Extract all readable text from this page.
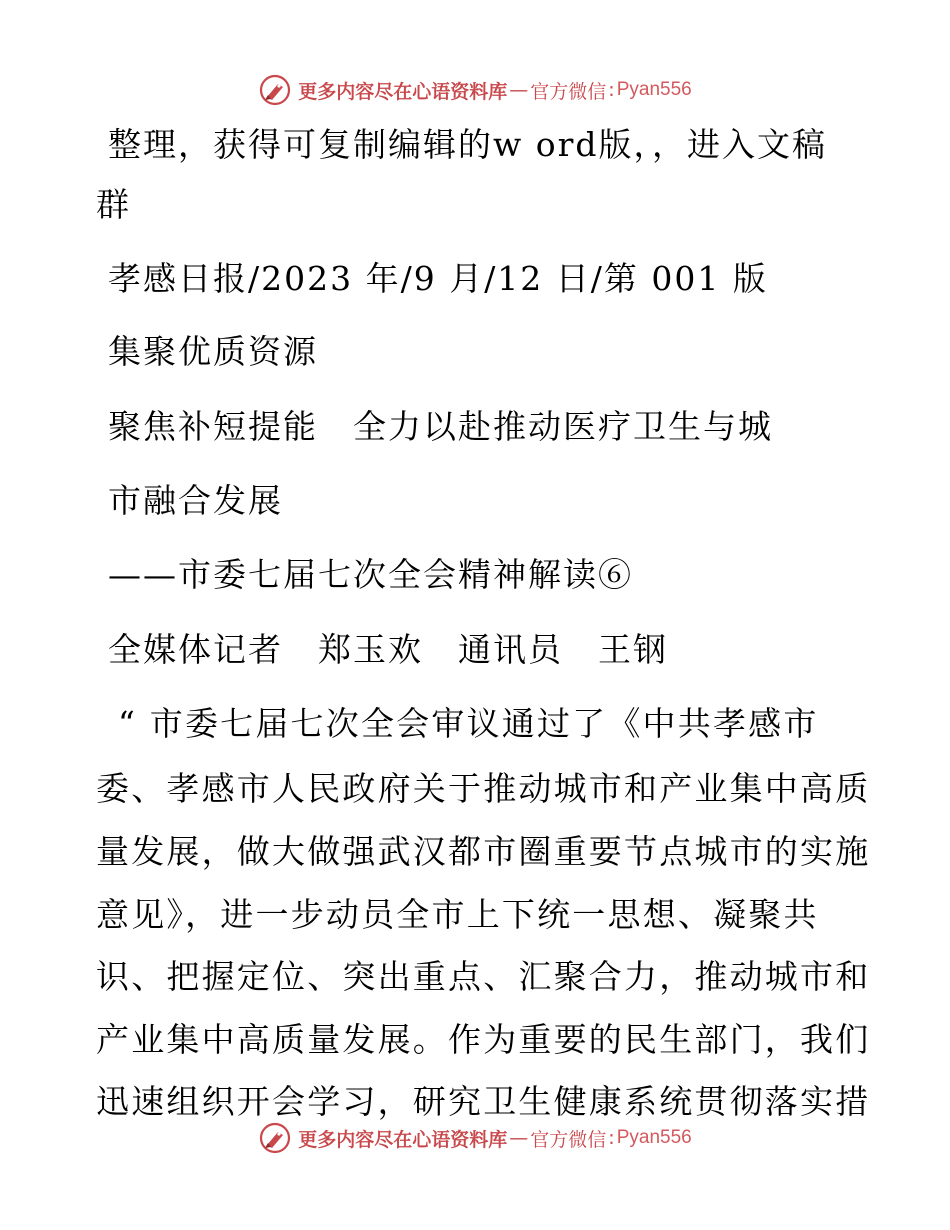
更多内容尽在心语资料库 — 官方微信 : Pyan556
整理，获得可复制编辑的w ord版，，进入文稿
群
孝感日报/2023 年/9 月/12 日/第 001 版
集聚优质资源
聚焦补短提能　全力以赴推动医疗卫生与城
市融合发展
——市委七届七次全会精神解读⑥
全媒体记者　郑玉欢　通讯员　王钢
“ 市委七届七次全会审议通过了《中共孝感市
委、孝感市人民政府关于推动城市和产业集中高质
量发展，做大做强武汉都市圈重要节点城市的实施
意见》，进一步动员全市上下统一思想、凝聚共
识、把握定位、突出重点、汇聚合力，推动城市和
产业集中高质量发展。作为重要的民生部门，我们
迅速组织开会学习，研究卫生健康系统贯彻落实措
更多内容尽在心语资料库 — 官方微信 : Pyan556
